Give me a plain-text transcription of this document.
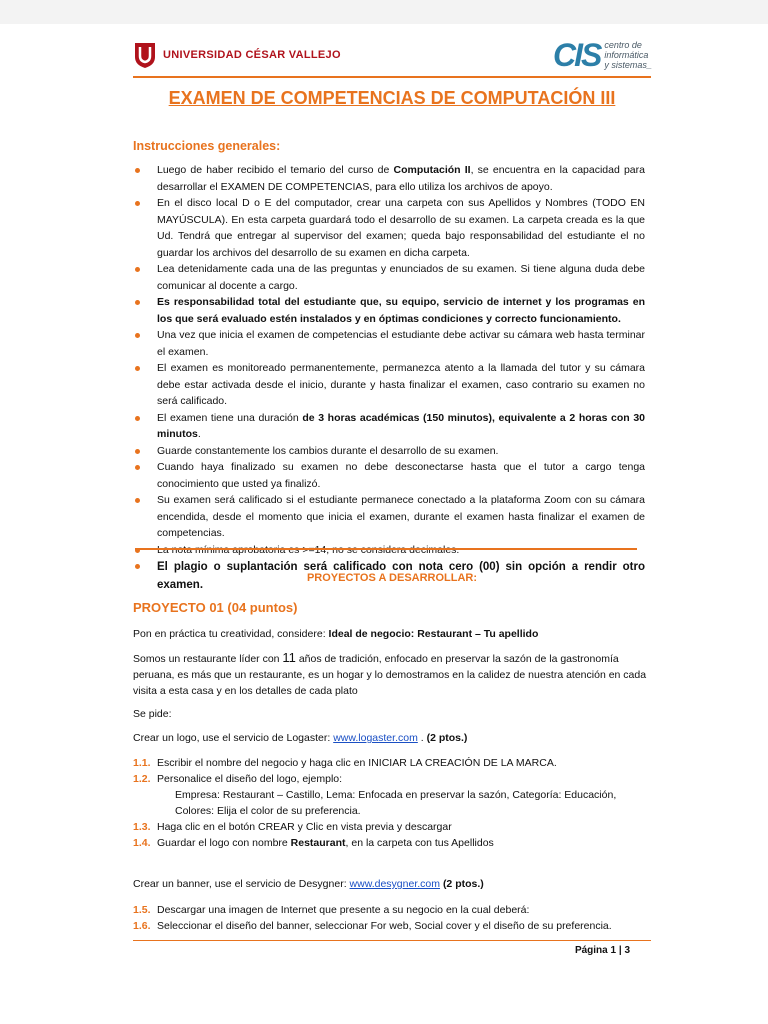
UNIVERSIDAD CÉSAR VALLEJO	CIS centro de
informática
y sistemas_
EXAMEN DE COMPETENCIAS DE COMPUTACIÓN III
Instrucciones generales:
Luego de haber recibido el temario del curso de Computación II, se encuentra en la capacidad para desarrollar el EXAMEN DE COMPETENCIAS, para ello utiliza los archivos de apoyo.
En el disco local D o E del computador, crear una carpeta con sus Apellidos y Nombres (TODO EN MAYÚSCULA). En esta carpeta guardará todo el desarrollo de su examen. La carpeta creada es la que Ud. Tendrá que entregar al supervisor del examen; queda bajo responsabilidad del estudiante el no guardar los archivos del desarrollo de su examen en dicha carpeta.
Lea detenidamente cada una de las preguntas y enunciados de su examen. Si tiene alguna duda debe comunicar al docente a cargo.
Es responsabilidad total del estudiante que, su equipo, servicio de internet y los programas en los que será evaluado estén instalados y en óptimas condiciones y correcto funcionamiento.
Una vez que inicia el examen de competencias el estudiante debe activar su cámara web hasta terminar el examen.
El examen es monitoreado permanentemente, permanezca atento a la llamada del tutor y su cámara debe estar activada desde el inicio, durante y hasta finalizar el examen, caso contrario su examen no será calificado.
El examen tiene una duración de 3 horas académicas (150 minutos), equivalente a 2 horas con 30 minutos.
Guarde constantemente los cambios durante el desarrollo de su examen.
Cuando haya finalizado su examen no debe desconectarse hasta que el tutor a cargo tenga conocimiento que usted ya finalizó.
Su examen será calificado si el estudiante permanece conectado a la plataforma Zoom con su cámara encendida, desde el momento que inicia el examen, durante el examen hasta finalizar el examen de competencias.
La nota mínima aprobatoria es >=14, no se considera decimales.
El plagio o suplantación será calificado con nota cero (00) sin opción a rendir otro examen.
PROYECTOS A DESARROLLAR:
PROYECTO 01 (04 puntos)
Pon en práctica tu creatividad, considere: Ideal de negocio: Restaurant – Tu apellido
Somos un restaurante líder con 11 años de tradición, enfocado en preservar la sazón de la gastronomía peruana, es más que un restaurante, es un hogar y lo demostramos en la calidez de nuestra atención en cada visita a esta casa y en los detalles de cada plato
Se pide:
Crear un logo, use el servicio de Logaster: www.logaster.com . (2 ptos.)
1.1. Escribir el nombre del negocio y haga clic en INICIAR LA CREACIÓN DE LA MARCA.
1.2. Personalice el diseño del logo, ejemplo:
Empresa: Restaurant – Castillo, Lema: Enfocada en preservar la sazón, Categoría: Educación, Colores: Elija el color de su preferencia.
1.3. Haga clic en el botón CREAR y Clic en vista previa y descargar
1.4. Guardar el logo con nombre Restaurant, en la carpeta con tus Apellidos
Crear un banner, use el servicio de Desygner: www.desygner.com (2 ptos.)
1.5. Descargar una imagen de Internet que presente a su negocio en la cual deberá:
1.6. Seleccionar el diseño del banner, seleccionar For web, Social cover y el diseño de su preferencia.
Página 1 | 3
